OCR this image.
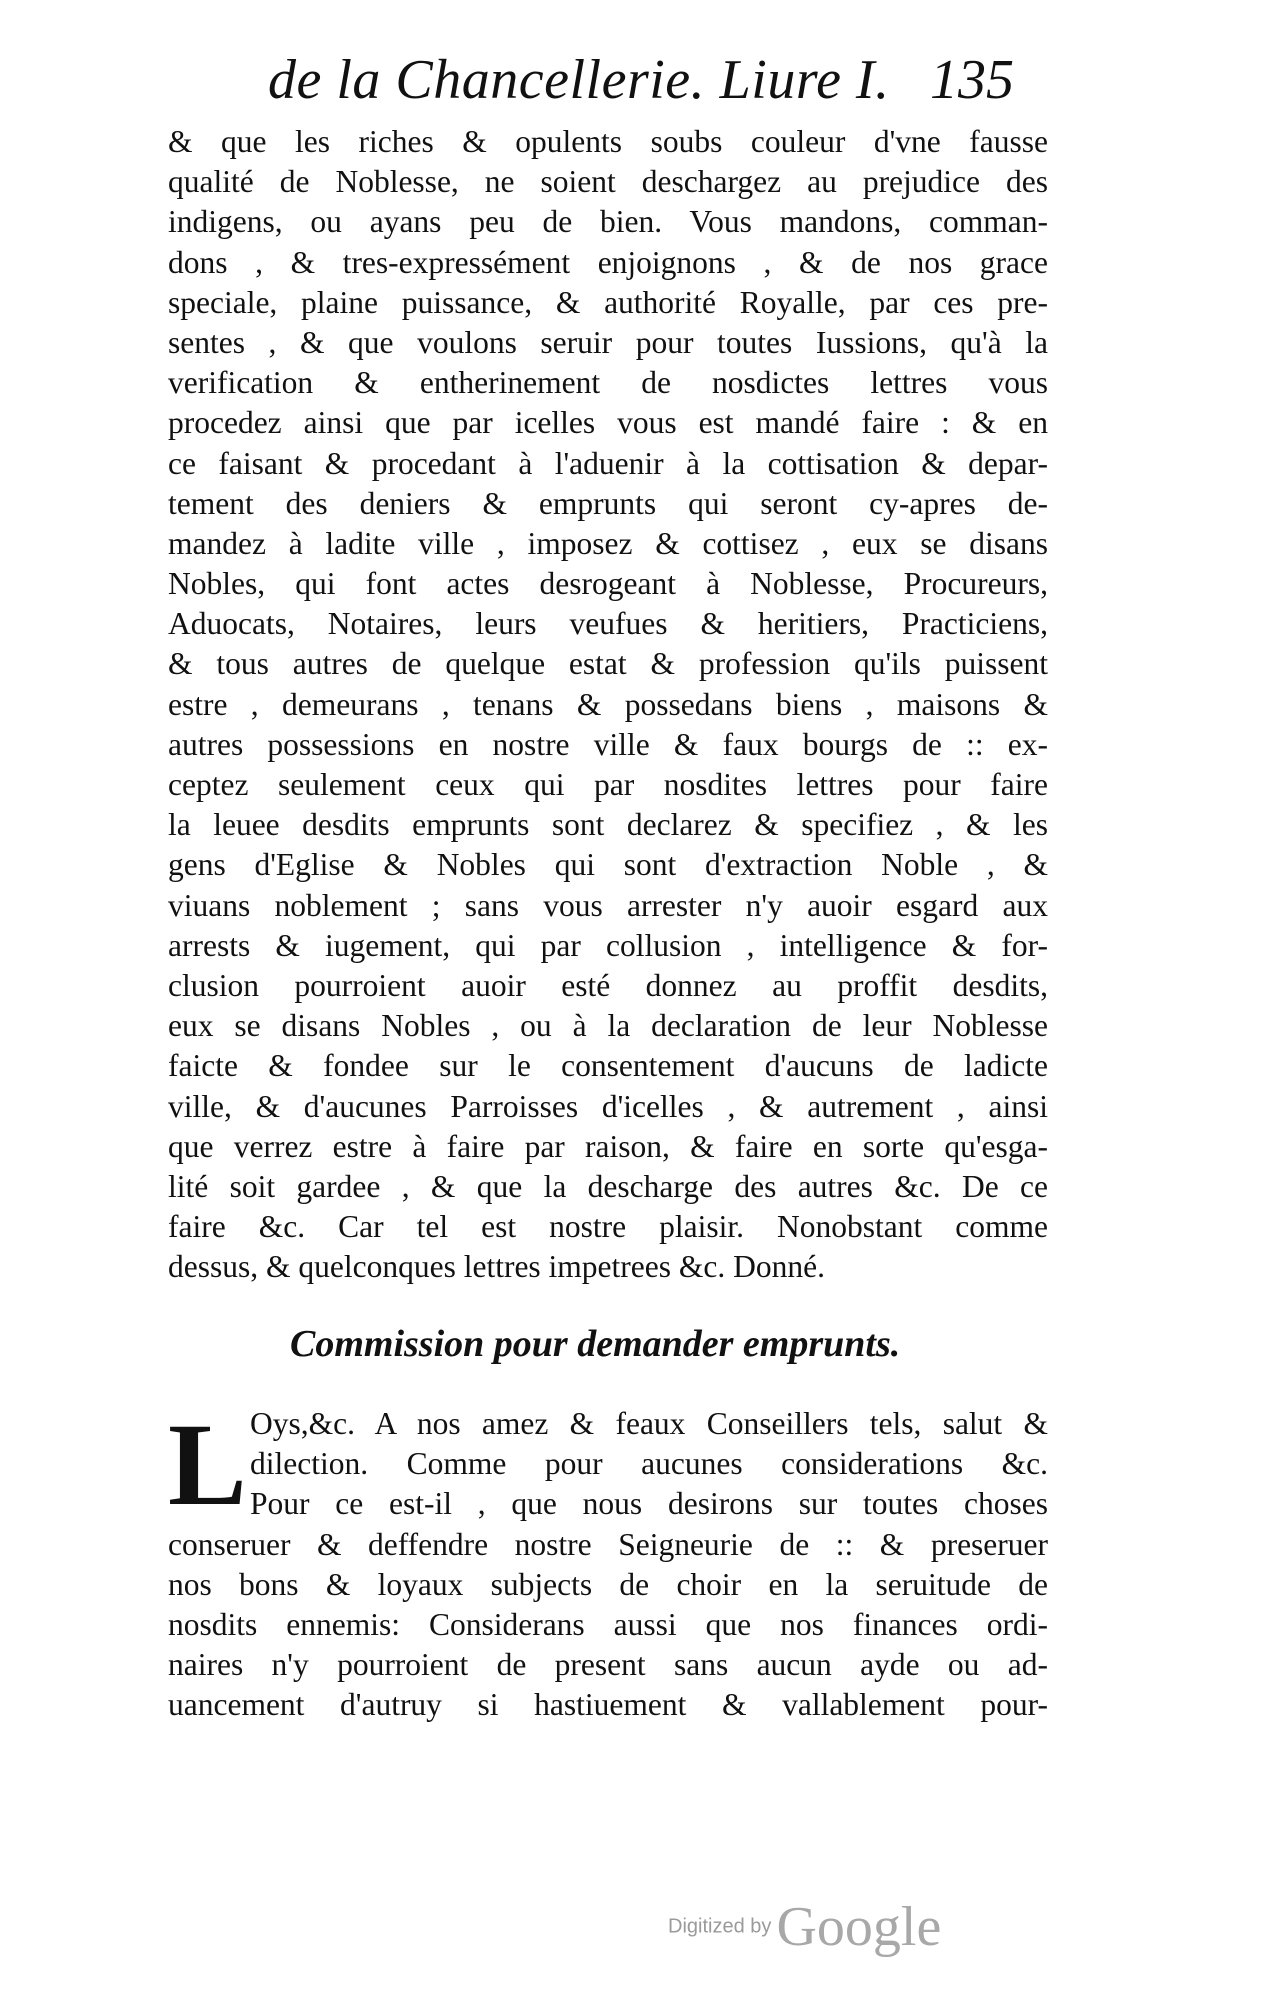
de la Chancellerie. Liure I. 135
& que les riches & opulents soubs couleur d'vne fausse
qualité de Noblesse, ne soient deschargez au prejudice des
indigens, ou ayans peu de bien. Vous mandons, comman-
dons , & tres-expressément enjoignons , & de nos grace
speciale, plaine puissance, & authorité Royalle, par ces pre-
sentes , & que voulons seruir pour toutes Iussions, qu'à la
verification & entherinement de nosdictes lettres vous
procedez ainsi que par icelles vous est mandé faire : & en
ce faisant & procedant à l'aduenir à la cottisation & depar-
tement des deniers & emprunts qui seront cy-apres de-
mandez à ladite ville , imposez & cottisez , eux se disans
Nobles, qui font actes desrogeant à Noblesse, Procureurs,
Aduocats, Notaires, leurs veufues & heritiers, Practiciens,
& tous autres de quelque estat & profession qu'ils puissent
estre , demeurans , tenans & possedans biens , maisons &
autres possessions en nostre ville & faux bourgs de :: ex-
ceptez seulement ceux qui par nosdites lettres pour faire
la leuee desdits emprunts sont declarez & specifiez , & les
gens d'Eglise & Nobles qui sont d'extraction Noble , &
viuans noblement ; sans vous arrester n'y auoir esgard aux
arrests & iugement, qui par collusion , intelligence & for-
clusion pourroient auoir esté donnez au proffit desdits,
eux se disans Nobles , ou à la declaration de leur Noblesse
faicte & fondee sur le consentement d'aucuns de ladicte
ville, & d'aucunes Parroisses d'icelles , & autrement , ainsi
que verrez estre à faire par raison, & faire en sorte qu'esga-
lité soit gardee , & que la descharge des autres &c. De ce
faire &c. Car tel est nostre plaisir. Nonobstant comme
dessus, & quelconques lettres impetrees &c. Donné.
Commission pour demander emprunts.
L Oys,&c. A nos amez & feaux Conseillers tels, salut &
dilection. Comme pour aucunes considerations &c.
Pour ce est-il , que nous desirons sur toutes choses
conseruer & deffendre nostre Seigneurie de :: & preseruer
nos bons & loyaux subjects de choir en la seruitude de
nosdits ennemis: Considerans aussi que nos finances ordi-
naires n'y pourroient de present sans aucun ayde ou ad-
uancement d'autruy si hastiuement & vallablement pour-
Digitized by Google
